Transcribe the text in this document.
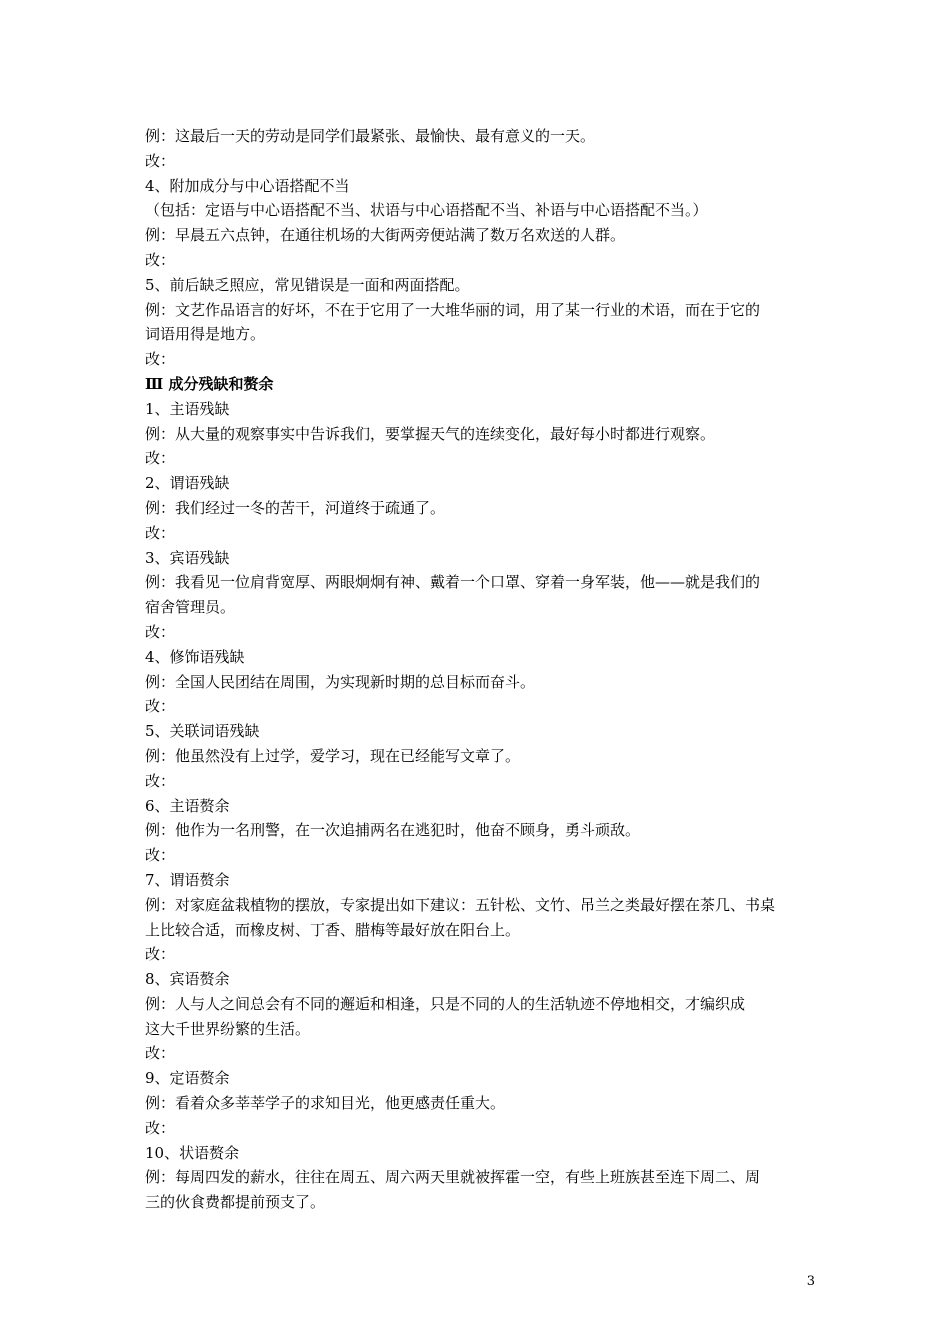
例：这最后一天的劳动是同学们最紧张、最愉快、最有意义的一天。
改：
4、附加成分与中心语搭配不当
（包括：定语与中心语搭配不当、状语与中心语搭配不当、补语与中心语搭配不当。）
例：早晨五六点钟，在通往机场的大街两旁便站满了数万名欢送的人群。
改：
5、前后缺乏照应，常见错误是一面和两面搭配。
例：文艺作品语言的好坏，不在于它用了一大堆华丽的词，用了某一行业的术语，而在于它的
词语用得是地方。
改：
Ⅲ 成分残缺和赘余
1、主语残缺
例：从大量的观察事实中告诉我们，要掌握天气的连续变化，最好每小时都进行观察。
改：
2、谓语残缺
例：我们经过一冬的苦干，河道终于疏通了。
改：
3、宾语残缺
例：我看见一位肩背宽厚、两眼炯炯有神、戴着一个口罩、穿着一身军装，他——就是我们的
宿舍管理员。
改：
4、修饰语残缺
例：全国人民团结在周围，为实现新时期的总目标而奋斗。
改：
5、关联词语残缺
例：他虽然没有上过学，爱学习，现在已经能写文章了。
改：
6、主语赘余
例：他作为一名刑警，在一次追捕两名在逃犯时，他奋不顾身，勇斗顽敌。
改：
7、谓语赘余
例：对家庭盆栽植物的摆放，专家提出如下建议：五针松、文竹、吊兰之类最好摆在茶几、书桌
上比较合适，而橡皮树、丁香、腊梅等最好放在阳台上。
改：
8、宾语赘余
例：人与人之间总会有不同的邂逅和相逢，只是不同的人的生活轨迹不停地相交，才编织成
这大千世界纷繁的生活。
改：
9、定语赘余
例：看着众多莘莘学子的求知目光，他更感责任重大。
改：
10、状语赘余
例：每周四发的薪水，往往在周五、周六两天里就被挥霍一空，有些上班族甚至连下周二、周
三的伙食费都提前预支了。
3
